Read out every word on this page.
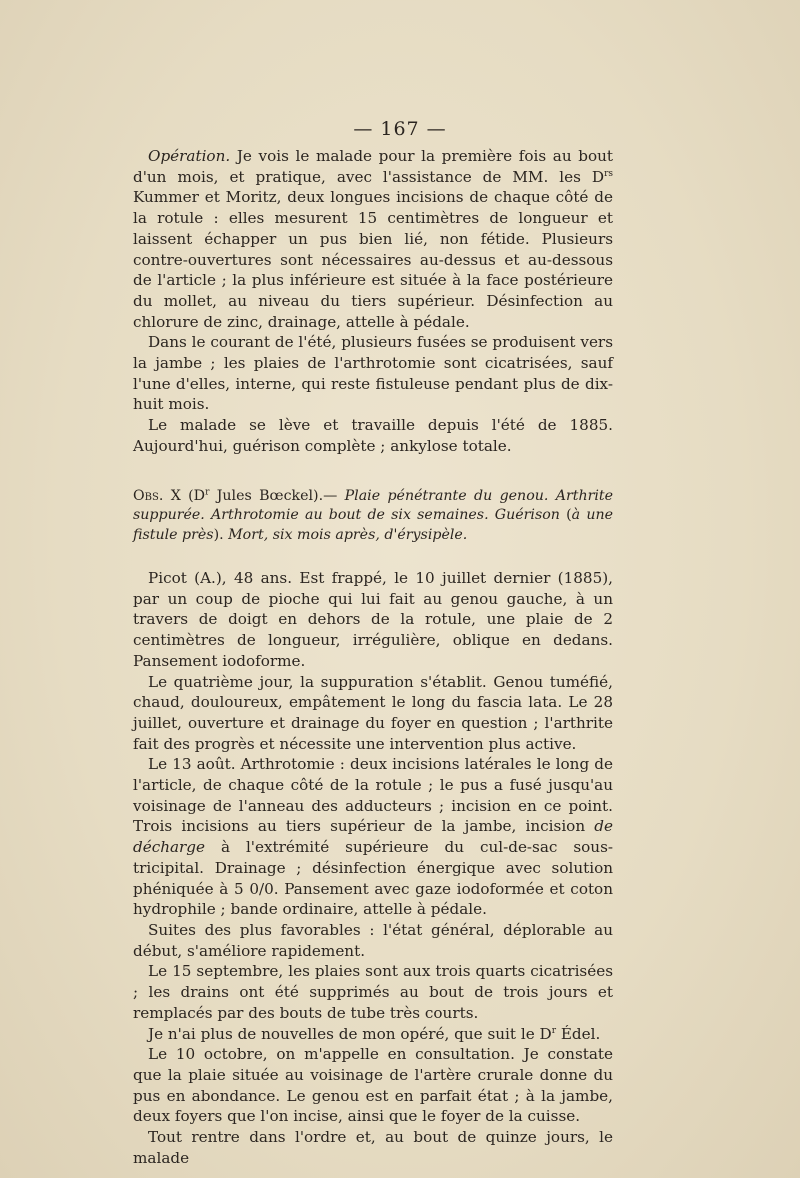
— 167 —

Opération. Je vois le malade pour la première fois au bout d'un mois, et pratique, avec l'assistance de MM. les $D^{rs}$ Kummer et Moritz, deux longues incisions de chaque côté de la rotule : elles mesurent 15 centimètres de longueur et laissent échapper un pus bien lié, non fétide. Plusieurs contre-ouvertures sont nécessaires au-dessus et au-dessous de l'article ; la plus inférieure est située à la face postérieure du mollet, au niveau du tiers supérieur. Désinfection au chlorure de zinc, drainage, attelle à pédale.

Dans le courant de l'été, plusieurs fusées se produisent vers la jambe ; les plaies de l'arthrotomie sont cicatrisées, sauf l'une d'elles, interne, qui reste fistuleuse pendant plus de dix-huit mois.

Le malade se lève et travaille depuis l'été de 1885. Aujourd'hui, guérison complète ; ankylose totale.

Obs. X ($D^r$ Jules Bœckel).— Plaie pénétrante du genou. Arthrite suppurée. Arthrotomie au bout de six semaines. Guérison (à une fistule près). Mort, six mois après, d'érysipèle.

Picot (A.), 48 ans. Est frappé, le 10 juillet dernier (1885), par un coup de pioche qui lui fait au genou gauche, à un travers de doigt en dehors de la rotule, une plaie de 2 centimètres de longueur, irrégulière, oblique en dedans. Pansement iodoforme.

Le quatrième jour, la suppuration s'établit. Genou tuméfié, chaud, douloureux, empâtement le long du fascia lata. Le 28 juillet, ouverture et drainage du foyer en question ; l'arthrite fait des progrès et nécessite une intervention plus active.

Le 13 août. Arthrotomie : deux incisions latérales le long de l'article, de chaque côté de la rotule ; le pus a fusé jusqu'au voisinage de l'anneau des adducteurs ; incision en ce point. Trois incisions au tiers supérieur de la jambe, incision de décharge à l'extrémité supérieure du cul-de-sac sous-tricipital. Drainage ; désinfection énergique avec solution phéniquée à 5 0/0. Pansement avec gaze iodoformée et coton hydrophile ; bande ordinaire, attelle à pédale.

Suites des plus favorables : l'état général, déplorable au début, s'améliore rapidement.

Le 15 septembre, les plaies sont aux trois quarts cicatrisées ; les drains ont été supprimés au bout de trois jours et remplacés par des bouts de tube très courts.

Je n'ai plus de nouvelles de mon opéré, que suit le $D^r$ Édel.

Le 10 octobre, on m'appelle en consultation. Je constate que la plaie située au voisinage de l'artère crurale donne du pus en abondance. Le genou est en parfait état ; à la jambe, deux foyers que l'on incise, ainsi que le foyer de la cuisse.

Tout rentre dans l'ordre et, au bout de quinze jours, le malade
